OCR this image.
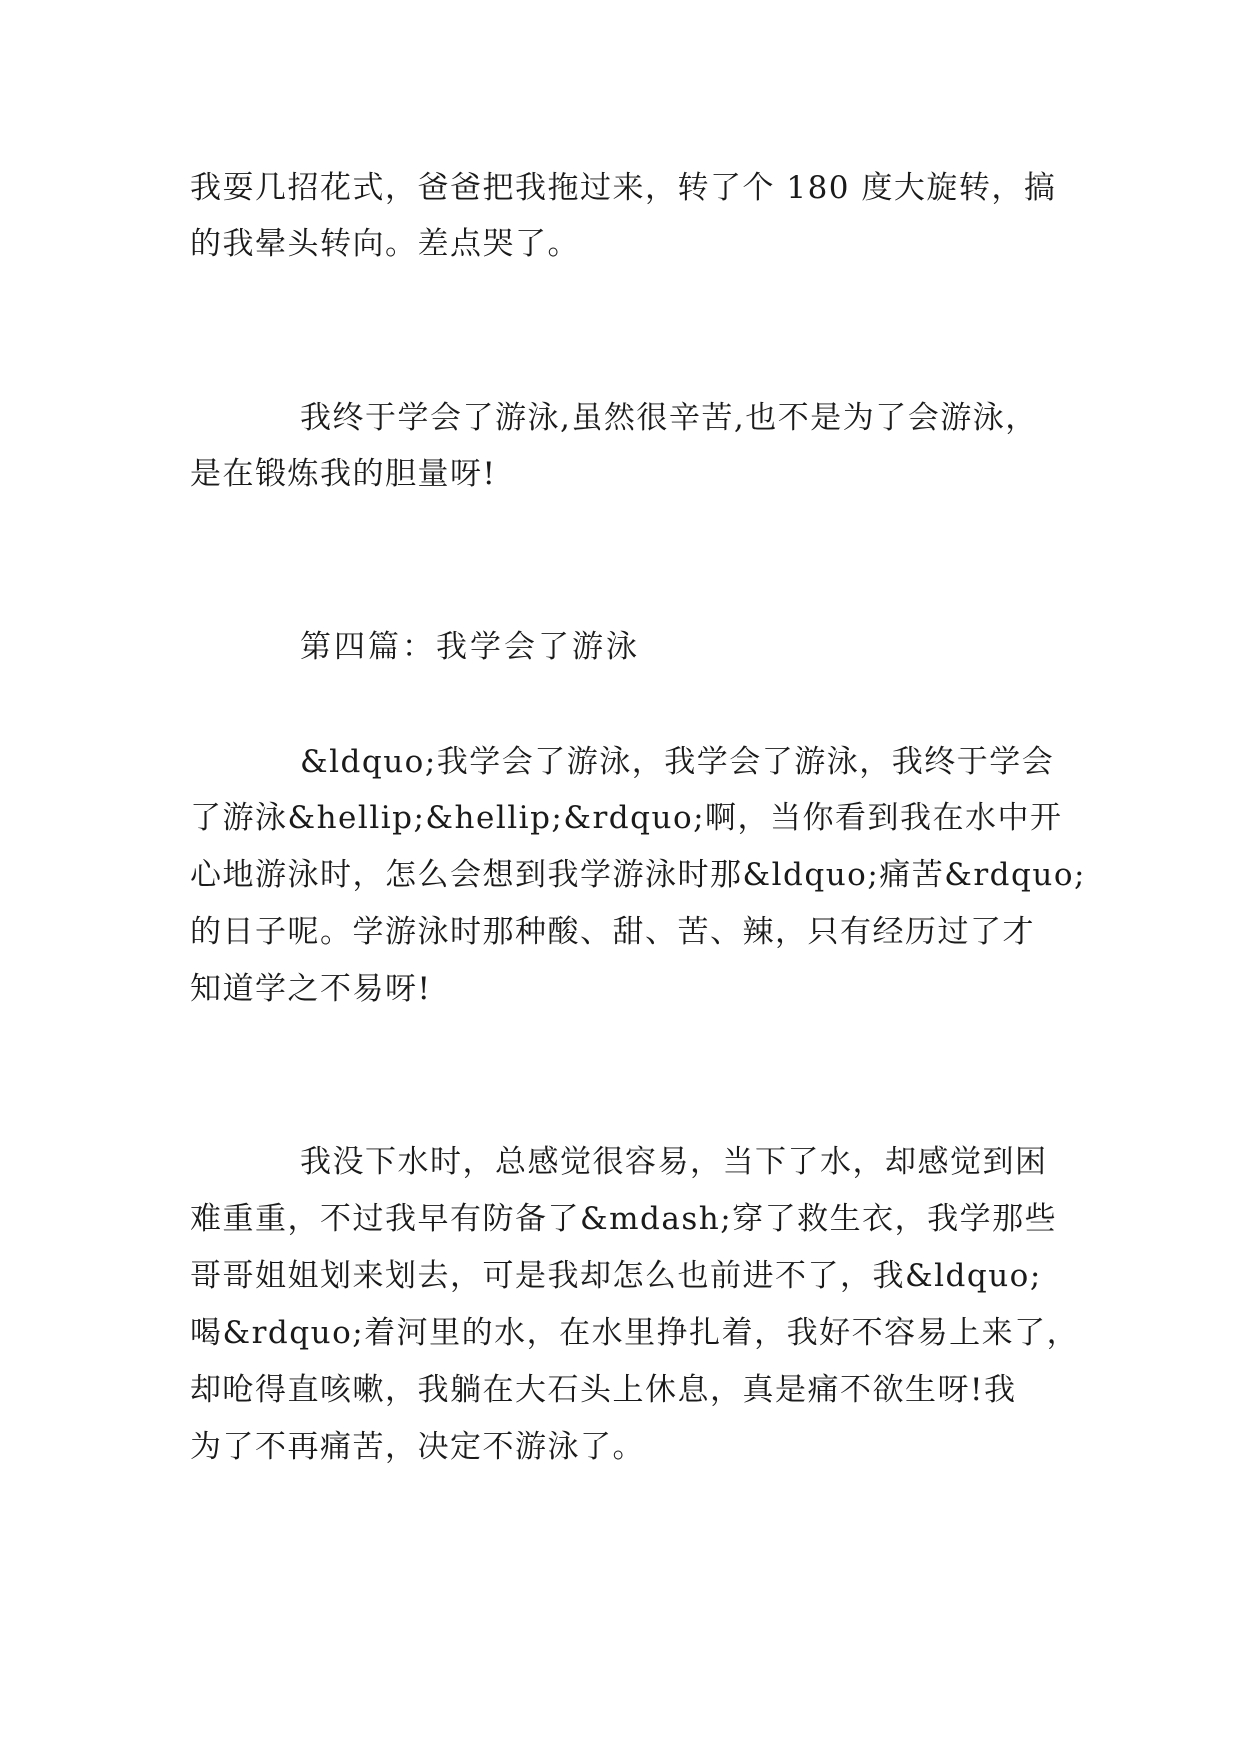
我耍几招花式，爸爸把我拖过来，转了个 180 度大旋转，搞
的我晕头转向。差点哭了。
我终于学会了游泳,虽然很辛苦,也不是为了会游泳，
是在锻炼我的胆量呀!
第四篇：我学会了游泳
&ldquo;我学会了游泳，我学会了游泳，我终于学会
了游泳&hellip;&hellip;&rdquo;啊，当你看到我在水中开
心地游泳时，怎么会想到我学游泳时那&ldquo;痛苦&rdquo;
的日子呢。学游泳时那种酸、甜、苦、辣，只有经历过了才
知道学之不易呀!
我没下水时，总感觉很容易，当下了水，却感觉到困
难重重，不过我早有防备了&mdash;穿了救生衣，我学那些
哥哥姐姐划来划去，可是我却怎么也前进不了，我&ldquo;
喝&rdquo;着河里的水，在水里挣扎着，我好不容易上来了，
却呛得直咳嗽，我躺在大石头上休息，真是痛不欲生呀!我
为了不再痛苦，决定不游泳了。
